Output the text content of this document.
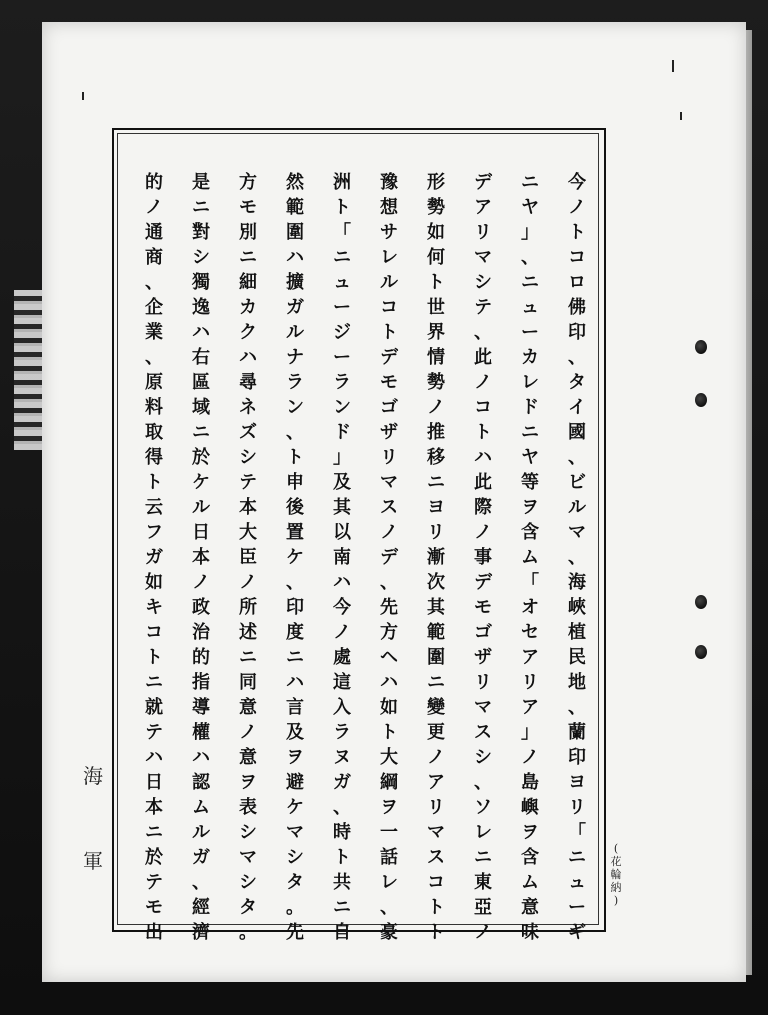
今
ノ
ト
コ
ロ
佛
印
、
タ
イ
國
、
ビ
ル
マ
、
海
峽
植
民
地
、
蘭
印
ヨ
リ
「
ニ
ュ
ー
ギ
ニ
ヤ
」
、
ニ
ュ
ー
カ
レ
ド
ニ
ヤ
等
ヲ
含
ム
「
オ
セ
ア
リ
ア
」
ノ
島
嶼
ヲ
含
ム
意
味
デ
ア
リ
マ
シ
テ
、
此
ノ
コ
ト
ハ
此
際
ノ
事
デ
モ
ゴ
ザ
リ
マ
ス
シ
、
ソ
レ
ニ
東
亞
ノ
形
勢
如
何
ト
世
界
情
勢
ノ
推
移
ニ
ヨ
リ
漸
次
其
範
圍
ニ
變
更
ノ
ア
リ
マ
ス
コ
ト
ト
豫
想
サ
レ
ル
コ
ト
デ
モ
ゴ
ザ
リ
マ
ス
ノ
デ
、
先
方
ヘ
ハ
如
ト
大
綱
ヲ
一
話
レ
、
豪
洲
ト
「
ニ
ュ
ー
ジ
ー
ラ
ン
ド
」
及
其
以
南
ハ
今
ノ
處
這
入
ラ
ヌ
ガ
、
時
ト
共
ニ
自
然
範
圍
ハ
擴
ガ
ル
ナ
ラ
ン
、
ト
申
後
置
ケ
、
印
度
ニ
ハ
言
及
ヲ
避
ケ
マ
シ
タ
。
先
方
モ
別
ニ
細
カ
ク
ハ
尋
ネ
ズ
シ
テ
本
大
臣
ノ
所
述
ニ
同
意
ノ
意
ヲ
表
シ
マ
シ
タ
。
是
ニ
對
シ
獨
逸
ハ
右
區
域
ニ
於
ケ
ル
日
本
ノ
政
治
的
指
導
權
ハ
認
ム
ル
ガ
、
經
濟
的
ノ
通
商
、
企
業
、
原
料
取
得
ト
云
フ
ガ
如
キ
コ
ト
ニ
就
テ
ハ
日
本
ニ
於
テ
モ
出
海
軍
(
花
輪
納
)
